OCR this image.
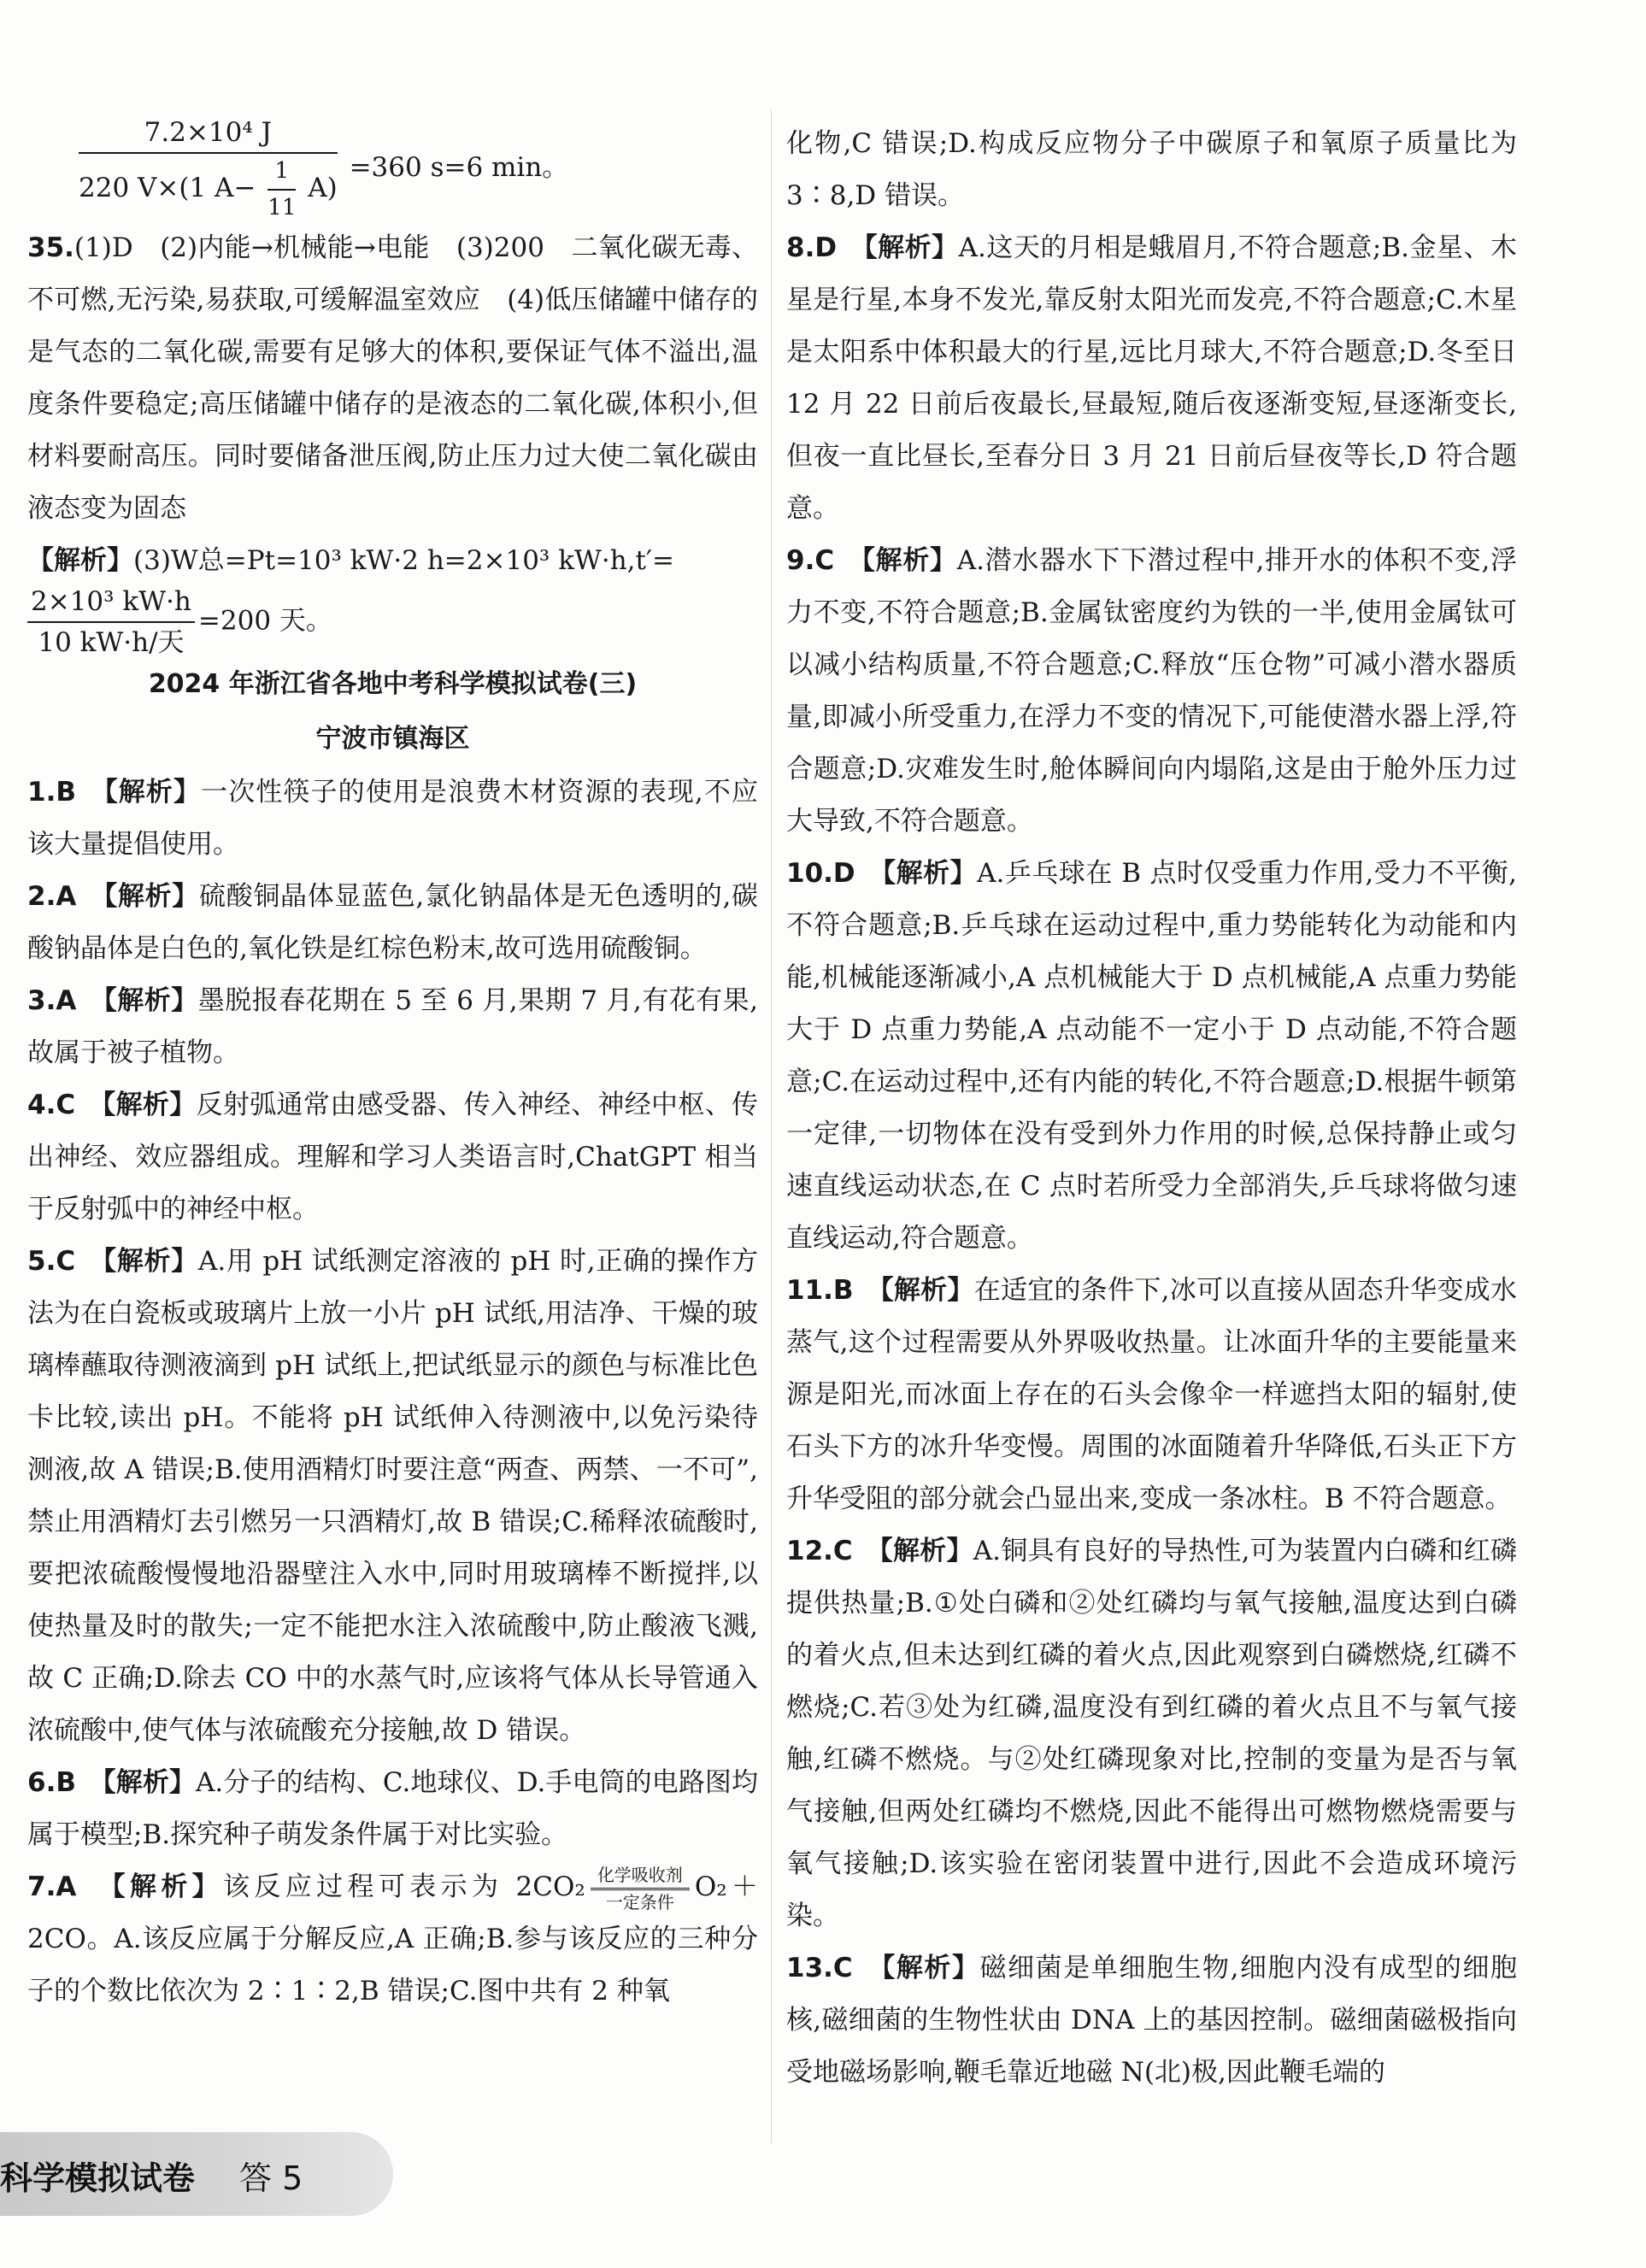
7.2×10⁴ J
220 V×(1 $A- \frac{1}{11} A$)
=360 s=6 min。

35.(1)D　(2)内能→机械能→电能　(3)200　二氧化碳无毒、不可燃,无污染,易获取,可缓解温室效应　(4)低压储罐中储存的是气态的二氧化碳,需要有足够大的体积,要保证气体不溢出,温度条件要稳定;高压储罐中储存的是液态的二氧化碳,体积小,但材料要耐高压。同时要储备泄压阀,防止压力过大使二氧化碳由液态变为固态

【解析】(3)W总=Pt=10³ kW·2 h=2×10³ kW·h,t′=

$\frac{\text{2×10³ kW·h}}{\text{10 kW·h/天}} =200$ 天。

2024 年浙江省各地中考科学模拟试卷(三)
宁波市镇海区

1.B　 【解析】一次性筷子的使用是浪费木材资源的表现,不应该大量提倡使用。

2.A　 【解析】硫酸铜晶体显蓝色,氯化钠晶体是无色透明的,碳酸钠晶体是白色的,氧化铁是红棕色粉末,故可选用硫酸铜。

3.A　 【解析】墨脱报春花期在 5 至 6 月,果期 7 月,有花有果,故属于被子植物。

4.C　 【解析】反射弧通常由感受器、传入神经、神经中枢、传出神经、效应器组成。理解和学习人类语言时,ChatGPT 相当于反射弧中的神经中枢。

5.C　 【解析】A.用 pH 试纸测定溶液的 pH 时,正确的操作方法为在白瓷板或玻璃片上放一小片 pH 试纸,用洁净、干燥的玻璃棒蘸取待测液滴到 pH 试纸上,把试纸显示的颜色与标准比色卡比较,读出 pH。不能将 pH 试纸伸入待测液中,以免污染待测液,故 A 错误;B.使用酒精灯时要注意“两查、两禁、一不可”,禁止用酒精灯去引燃另一只酒精灯,故 B 错误;C.稀释浓硫酸时,要把浓硫酸慢慢地沿器壁注入水中,同时用玻璃棒不断搅拌,以使热量及时的散失;一定不能把水注入浓硫酸中,防止酸液飞溅,故 C 正确;D.除去 CO 中的水蒸气时,应该将气体从长导管通入浓硫酸中,使气体与浓硫酸充分接触,故 D 错误。

6.B　 【解析】A.分子的结构、C.地球仪、D.手电筒的电路图均属于模型;B.探究种子萌发条件属于对比实验。

7.A　 【解析】该反应过程可表示为 2CO₂ 化学吸收剂
一定条件 O₂＋2CO。A.该反应属于分解反应,A 正确;B.参与该反应的三种分子的个数比依次为 2∶1∶2,B 错误;C.图中共有 2 种氧

化物,C 错误;D.构成反应物分子中碳原子和氧原子质量比为 3∶8,D 错误。

8.D　 【解析】A.这天的月相是蛾眉月,不符合题意;B.金星、木星是行星,本身不发光,靠反射太阳光而发亮,不符合题意;C.木星是太阳系中体积最大的行星,远比月球大,不符合题意;D.冬至日 12 月 22 日前后夜最长,昼最短,随后夜逐渐变短,昼逐渐变长,但夜一直比昼长,至春分日 3 月 21 日前后昼夜等长,D 符合题意。

9.C　 【解析】A.潜水器水下下潜过程中,排开水的体积不变,浮力不变,不符合题意;B.金属钛密度约为铁的一半,使用金属钛可以减小结构质量,不符合题意;C.释放“压仓物”可减小潜水器质量,即减小所受重力,在浮力不变的情况下,可能使潜水器上浮,符合题意;D.灾难发生时,舱体瞬间向内塌陷,这是由于舱外压力过大导致,不符合题意。

10.D　 【解析】A.乒乓球在 B 点时仅受重力作用,受力不平衡,不符合题意;B.乒乓球在运动过程中,重力势能转化为动能和内能,机械能逐渐减小,A 点机械能大于 D 点机械能,A 点重力势能大于 D 点重力势能,A 点动能不一定小于 D 点动能,不符合题意;C.在运动过程中,还有内能的转化,不符合题意;D.根据牛顿第一定律,一切物体在没有受到外力作用的时候,总保持静止或匀速直线运动状态,在 C 点时若所受力全部消失,乒乓球将做匀速直线运动,符合题意。

11.B　 【解析】在适宜的条件下,冰可以直接从固态升华变成水蒸气,这个过程需要从外界吸收热量。让冰面升华的主要能量来源是阳光,而冰面上存在的石头会像伞一样遮挡太阳的辐射,使石头下方的冰升华变慢。周围的冰面随着升华降低,石头正下方升华受阻的部分就会凸显出来,变成一条冰柱。B 不符合题意。

12.C　 【解析】A.铜具有良好的导热性,可为装置内白磷和红磷提供热量;B.①处白磷和②处红磷均与氧气接触,温度达到白磷的着火点,但未达到红磷的着火点,因此观察到白磷燃烧,红磷不燃烧;C.若③处为红磷,温度没有到红磷的着火点且不与氧气接触,红磷不燃烧。与②处红磷现象对比,控制的变量为是否与氧气接触,但两处红磷均不燃烧,因此不能得出可燃物燃烧需要与氧气接触;D.该实验在密闭装置中进行,因此不会造成环境污染。

13.C　 【解析】磁细菌是单细胞生物,细胞内没有成型的细胞核,磁细菌的生物性状由 DNA 上的基因控制。磁细菌磁极指向受地磁场影响,鞭毛靠近地磁 N(北)极,因此鞭毛端的

科学模拟试卷 答 5
